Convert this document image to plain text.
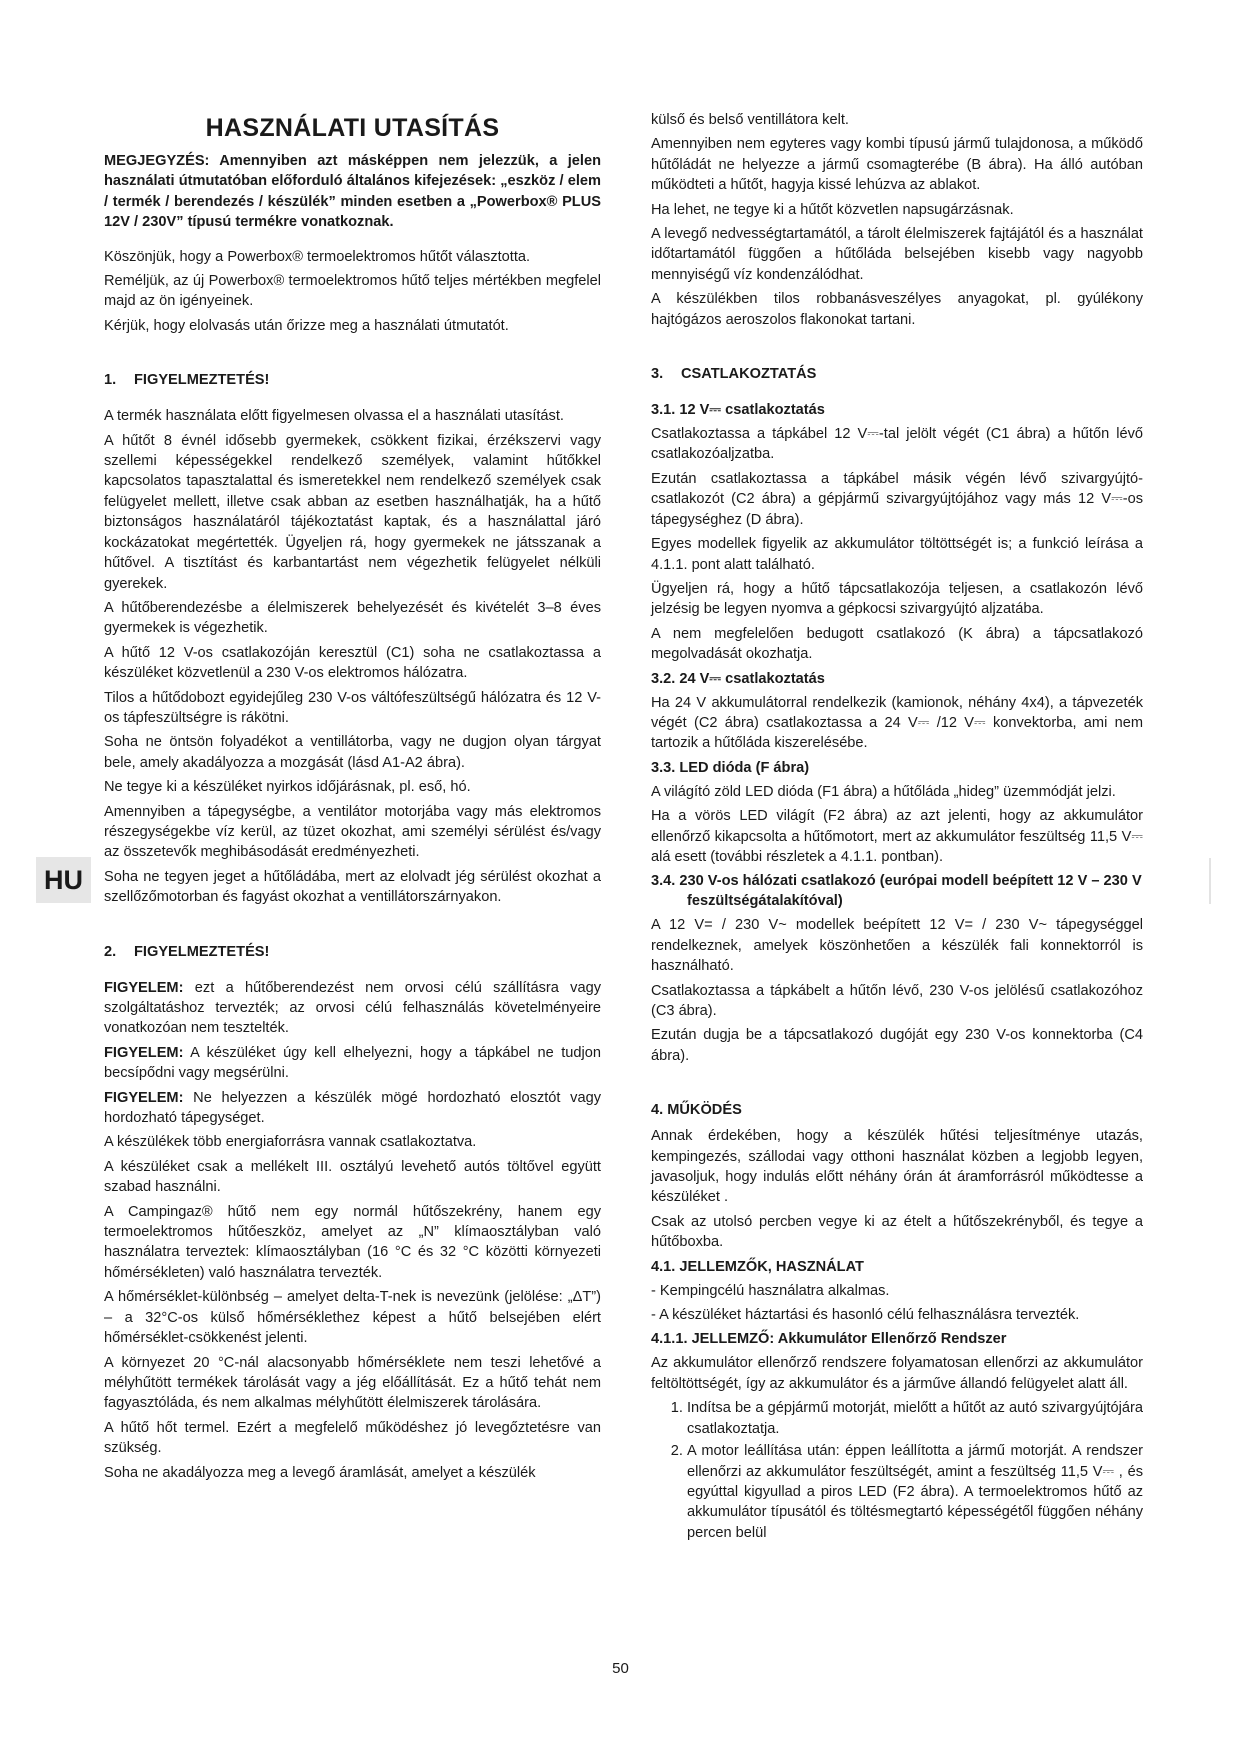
HU
HASZNÁLATI UTASÍTÁS

MEGJEGYZÉS: Amennyiben azt másképpen nem jelezzük, a jelen használati útmutatóban előforduló általános kifejezések: „eszköz / elem / termék / berendezés / készülék” minden esetben a „Powerbox® PLUS 12V / 230V” típusú termékre vonatkoznak.

Köszönjük, hogy a Powerbox® termoelektromos hűtőt választotta.

Reméljük, az új Powerbox® termoelektromos hűtő teljes mértékben megfelel majd az ön igényeinek.

Kérjük, hogy elolvasás után őrizze meg a használati útmutatót.

1. FIGYELMEZTETÉS!

A termék használata előtt figyelmesen olvassa el a használati utasítást.

A hűtőt 8 évnél idősebb gyermekek, csökkent fizikai, érzékszervi vagy szellemi képességekkel rendelkező személyek, valamint hűtőkkel kapcsolatos tapasztalattal és ismeretekkel nem rendelkező személyek csak felügyelet mellett, illetve csak abban az esetben használhatják, ha a hűtő biztonságos használatáról tájékoztatást kaptak, és a használattal járó kockázatokat megértették. Ügyeljen rá, hogy gyermekek ne játsszanak a hűtővel. A tisztítást és karbantartást nem végezhetik felügyelet nélküli gyerekek.

A hűtőberendezésbe a élelmiszerek behelyezését és kivételét 3–8 éves gyermekek is végezhetik.

A hűtő 12 V-os csatlakozóján keresztül (C1) soha ne csatlakoztassa a készüléket közvetlenül a 230 V-os elektromos hálózatra.

Tilos a hűtődobozt egyidejűleg 230 V-os váltófeszültségű hálózatra és 12 V-os tápfeszültségre is rákötni.

Soha ne öntsön folyadékot a ventillátorba, vagy ne dugjon olyan tárgyat bele, amely akadályozza a mozgását (lásd A1-A2 ábra).

Ne tegye ki a készüléket nyirkos időjárásnak, pl. eső, hó.

Amennyiben a tápegységbe, a ventilátor motorjába vagy más elektromos részegységekbe víz kerül, az tüzet okozhat, ami személyi sérülést és/vagy az összetevők meghibásodását eredményezheti.

Soha ne tegyen jeget a hűtőládába, mert az elolvadt jég sérülést okozhat a szellőzőmotorban és fagyást okozhat a ventillátorszárnyakon.

2. FIGYELMEZTETÉS!

FIGYELEM: ezt a hűtőberendezést nem orvosi célú szállításra vagy szolgáltatáshoz tervezték; az orvosi célú felhasználás követelményeire vonatkozóan nem tesztelték.

FIGYELEM: A készüléket úgy kell elhelyezni, hogy a tápkábel ne tudjon becsípődni vagy megsérülni.

FIGYELEM: Ne helyezzen a készülék mögé hordozható elosztót vagy hordozható tápegységet.

A készülékek több energiaforrásra vannak csatlakoztatva.

A készüléket csak a mellékelt III. osztályú levehető autós töltővel együtt szabad használni.

A Campingaz® hűtő nem egy normál hűtőszekrény, hanem egy termoelektromos hűtőeszköz, amelyet az „N” klímaosztályban való használatra terveztek: klímaosztályban (16 °C és 32 °C közötti környezeti hőmérsékleten) való használatra tervezték.

A hőmérséklet-különbség – amelyet delta-T-nek is nevezünk (jelölése: „ΔT”) – a 32°C-os külső hőmérséklethez képest a hűtő belsejében elért hőmérséklet-csökkenést jelenti.

A környezet 20 °C-nál alacsonyabb hőmérséklete nem teszi lehetővé a mélyhűtött termékek tárolását vagy a jég előállítását. Ez a hűtő tehát nem fagyasztóláda, és nem alkalmas mélyhűtött élelmiszerek tárolására.

A hűtő hőt termel. Ezért a megfelelő működéshez jó levegőztetésre van szükség.

Soha ne akadályozza meg a levegő áramlását, amelyet a készülék

külső és belső ventillátora kelt.

Amennyiben nem egyteres vagy kombi típusú jármű tulajdonosa, a működő hűtőládát ne helyezze a jármű csomagterébe (B ábra). Ha álló autóban működteti a hűtőt, hagyja kissé lehúzva az ablakot.

Ha lehet, ne tegye ki a hűtőt közvetlen napsugárzásnak.

A levegő nedvességtartamától, a tárolt élelmiszerek fajtájától és a használat időtartamától függően a hűtőláda belsejében kisebb vagy nagyobb mennyiségű víz kondenzálódhat.

A készülékben tilos robbanásveszélyes anyagokat, pl. gyúlékony hajtógázos aeroszolos flakonokat tartani.

3. CSATLAKOZTATÁS
3.1. 12 V⎓ csatlakoztatás

Csatlakoztassa a tápkábel 12 V⎓-tal jelölt végét (C1 ábra) a hűtőn lévő csatlakozóaljzatba.

Ezután csatlakoztassa a tápkábel másik végén lévő szivargyújtó-csatlakozót (C2 ábra) a gépjármű szivargyújtójához vagy más 12 V⎓-os tápegységhez (D ábra).

Egyes modellek figyelik az akkumulátor töltöttségét is; a funkció leírása a 4.1.1. pont alatt található.

Ügyeljen rá, hogy a hűtő tápcsatlakozója teljesen, a csatlakozón lévő jelzésig be legyen nyomva a gépkocsi szivargyújtó aljzatába.

A nem megfelelően bedugott csatlakozó (K ábra) a tápcsatlakozó megolvadását okozhatja.

3.2. 24 V⎓ csatlakoztatás

Ha 24 V akkumulátorral rendelkezik (kamionok, néhány 4x4), a tápvezeték végét (C2 ábra) csatlakoztassa a 24 V⎓ /12 V⎓ konvektorba, ami nem tartozik a hűtőláda kiszerelésébe.

3.3. LED dióda (F ábra)

A világító zöld LED dióda (F1 ábra) a hűtőláda „hideg” üzemmódját jelzi.

Ha a vörös LED világít (F2 ábra) az azt jelenti, hogy az akkumulátor ellenőrző kikapcsolta a hűtőmotort, mert az akkumulátor feszültség 11,5 V⎓ alá esett (további részletek a 4.1.1. pontban).

3.4. 230 V-os hálózati csatlakozó (európai modell beépített 12 V – 230 V feszültségátalakítóval)

A 12 V= / 230 V~ modellek beépített 12 V= / 230 V~ tápegységgel rendelkeznek, amelyek köszönhetően a készülék fali konnektorról is használható.

Csatlakoztassa a tápkábelt a hűtőn lévő, 230 V-os jelölésű csatlakozóhoz (C3 ábra).

Ezután dugja be a tápcsatlakozó dugóját egy 230 V-os konnektorba (C4 ábra).

4. MŰKÖDÉS

Annak érdekében, hogy a készülék hűtési teljesítménye utazás, kempingezés, szállodai vagy otthoni használat közben a legjobb legyen, javasoljuk, hogy indulás előtt néhány órán át áramforrásról működtesse a készüléket .

Csak az utolsó percben vegye ki az ételt a hűtőszekrényből, és tegye a hűtőboxba.

4.1. JELLEMZŐK, HASZNÁLAT

- Kempingcélú használatra alkalmas.

- A készüléket háztartási és hasonló célú felhasználásra tervezték.

4.1.1. JELLEMZŐ: Akkumulátor Ellenőrző Rendszer

Az akkumulátor ellenőrző rendszere folyamatosan ellenőrzi az akkumulátor feltöltöttségét, így az akkumulátor és a járműve állandó felügyelet alatt áll.

1. Indítsa be a gépjármű motorját, mielőtt a hűtőt az autó szivargyújtójára csatlakoztatja.
2. A motor leállítása után: éppen leállította a jármű motorját. A rendszer ellenőrzi az akkumulátor feszültségét, amint a feszültség 11,5 V⎓ , és egyúttal kigyullad a piros LED (F2 ábra). A termoelektromos hűtő az akkumulátor típusától és töltésmegtartó képességétől függően néhány percen belül
50
